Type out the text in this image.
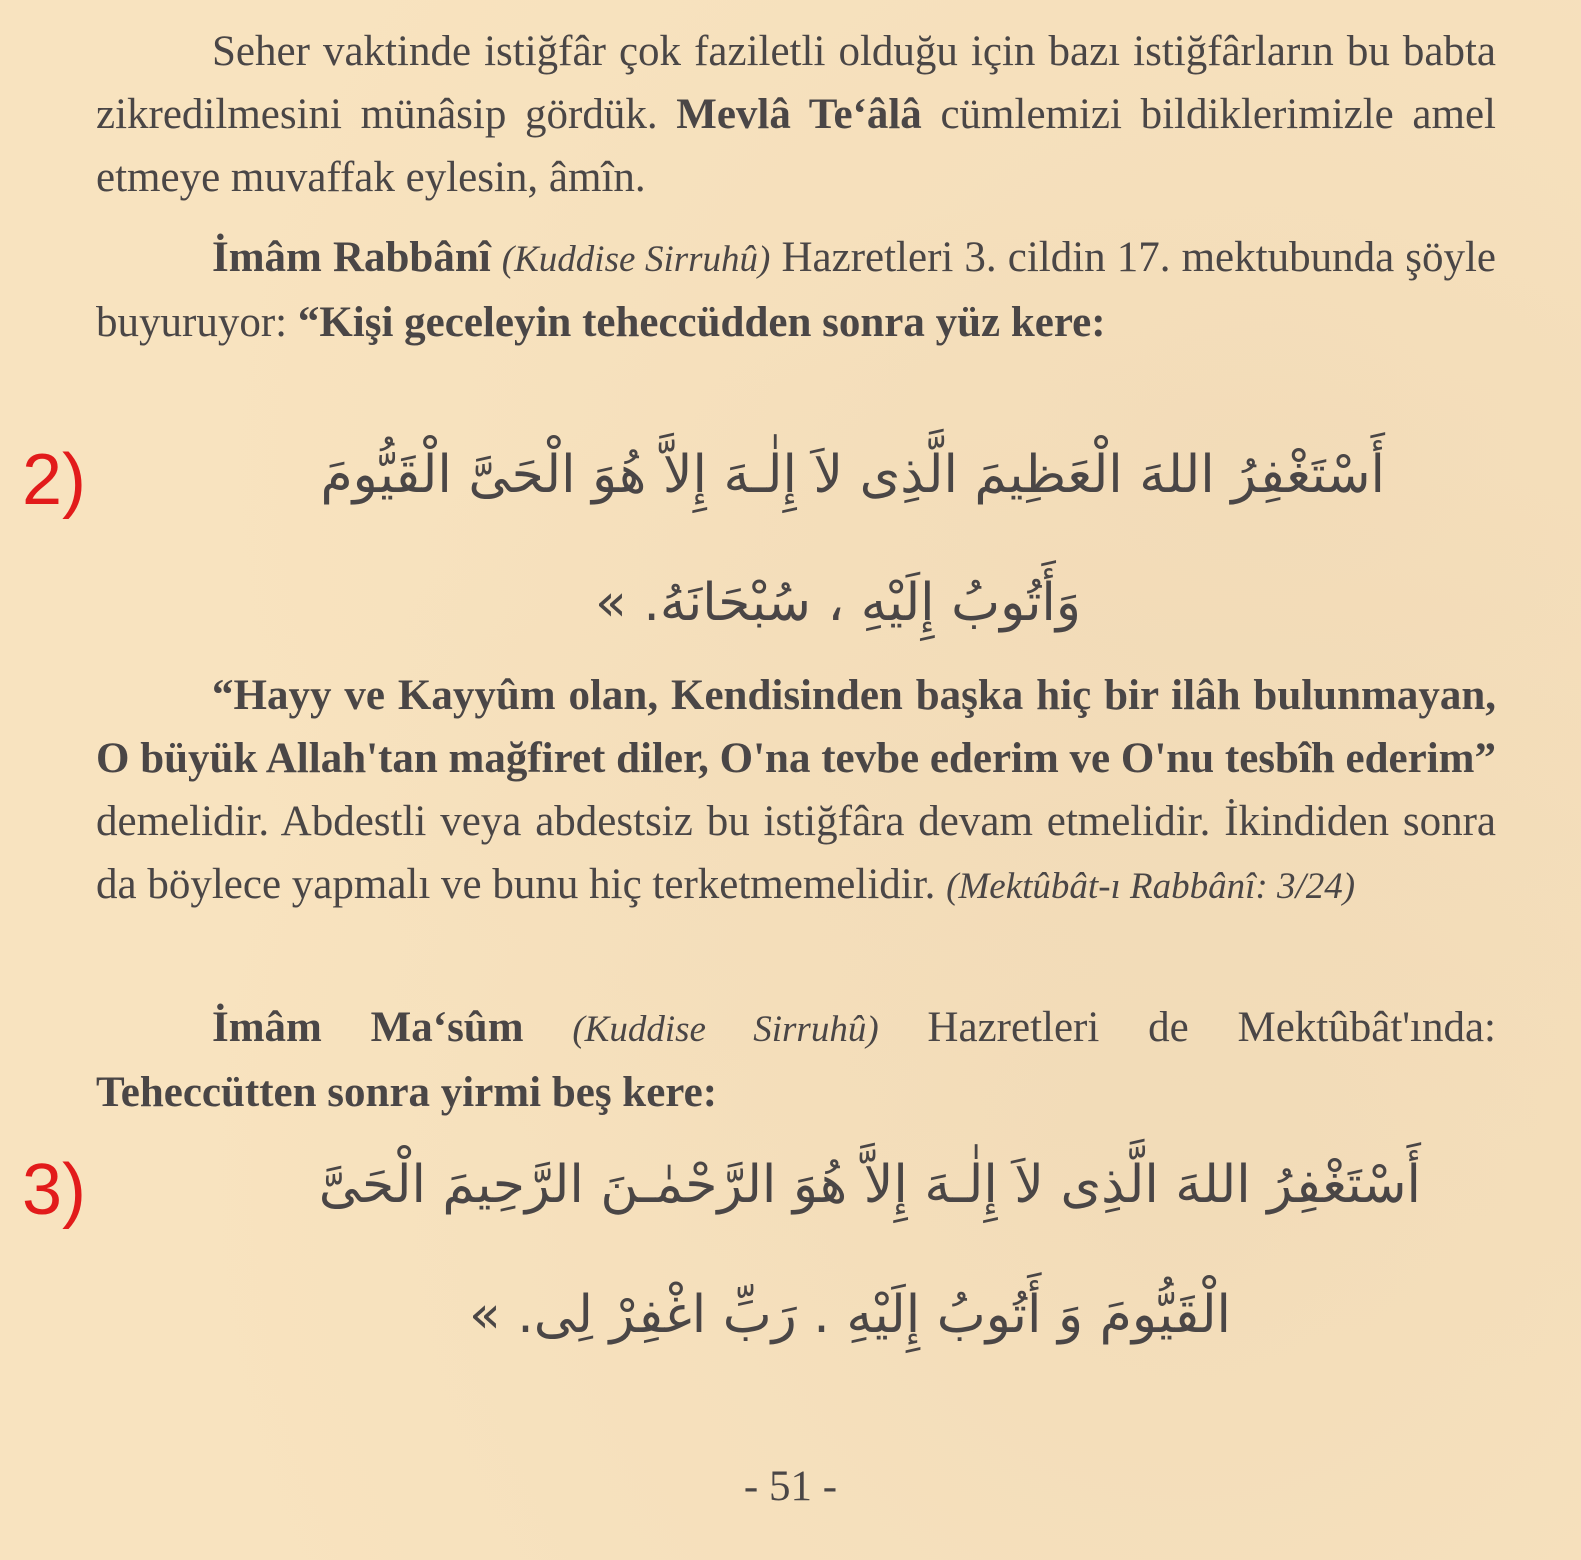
Seher vaktinde istiğfâr çok faziletli olduğu için bazı istiğfârların bu babta zikredilmesini münâsip gördük. Mevlâ Te‘âlâ cümlemizi bildiklerimizle amel etmeye muvaffak eylesin, âmîn.

İmâm Rabbânî (Kuddise Sirruhû) Hazretleri 3. cildin 17. mektubunda şöyle buyuruyor: “Kişi geceleyin teheccüdden sonra yüz kere:

2)	أَسْتَغْفِرُ اللهَ الْعَظِيمَ الَّذِى لاَ إِلٰـهَ إِلاَّ هُوَ الْحَىَّ الْقَيُّومَ
وَأَتُوبُ إِلَيْهِ ، سُبْحَانَهُ. »

“Hayy ve Kayyûm olan, Kendisinden başka hiç bir ilâh bulunmayan, O büyük Allah'tan mağfiret diler, O'na tevbe ederim ve O'nu tesbîh ederim” demelidir. Abdestli veya abdestsiz bu istiğfâra devam etmelidir. İkindiden sonra da böylece yapmalı ve bunu hiç terketmemelidir. (Mektûbât-ı Rabbânî: 3/24)

İmâm Ma‘sûm (Kuddise Sirruhû) Hazretleri de Mektûbât'ında: Teheccütten sonra yirmi beş kere:

3)	أَسْتَغْفِرُ اللهَ الَّذِى لاَ إِلٰـهَ إِلاَّ هُوَ الرَّحْمٰـنَ الرَّحِيمَ الْحَىَّ
الْقَيُّومَ وَ أَتُوبُ إِلَيْهِ . رَبِّ اغْفِرْ لِى. »
- 51 -
